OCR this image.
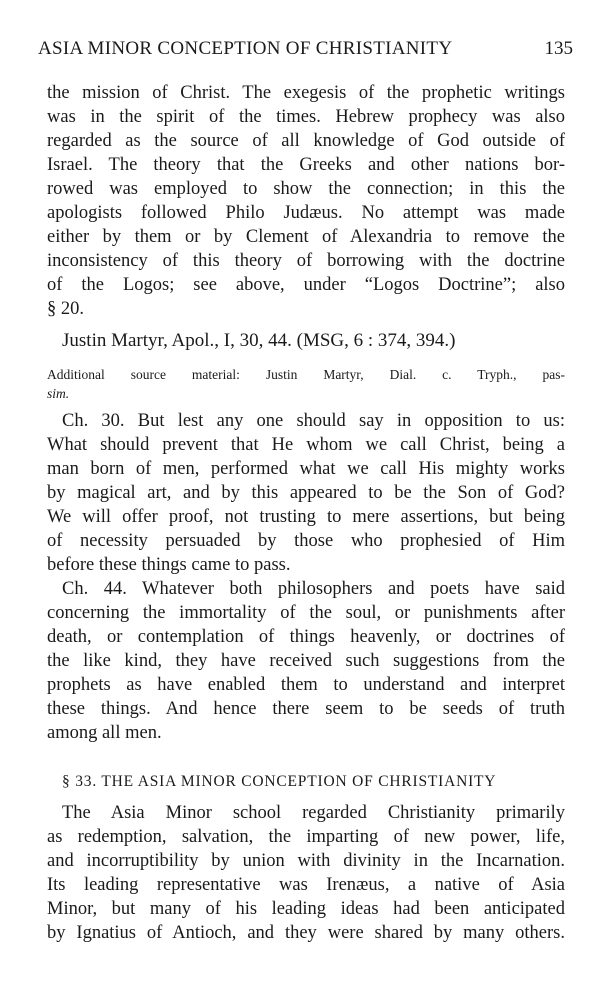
ASIA MINOR CONCEPTION OF CHRISTIANITY	135
the mission of Christ. The exegesis of the prophetic writings
was in the spirit of the times. Hebrew prophecy was also
regarded as the source of all knowledge of God outside of
Israel. The theory that the Greeks and other nations bor-
rowed was employed to show the connection; in this the
apologists followed Philo Judæus. No attempt was made
either by them or by Clement of Alexandria to remove the
inconsistency of this theory of borrowing with the doctrine
of the Logos; see above, under “Logos Doctrine”; also
§ 20.
Justin Martyr, Apol., I, 30, 44. (MSG, 6 : 374, 394.)
Additional source material: Justin Martyr, Dial. c. Tryph., pas-
sim.
Ch. 30. But lest any one should say in opposition to us:
What should prevent that He whom we call Christ, being a
man born of men, performed what we call His mighty works
by magical art, and by this appeared to be the Son of God?
We will offer proof, not trusting to mere assertions, but being
of necessity persuaded by those who prophesied of Him
before these things came to pass.
Ch. 44. Whatever both philosophers and poets have said
concerning the immortality of the soul, or punishments after
death, or contemplation of things heavenly, or doctrines of
the like kind, they have received such suggestions from the
prophets as have enabled them to understand and interpret
these things. And hence there seem to be seeds of truth
among all men.
§ 33. THE ASIA MINOR CONCEPTION OF CHRISTIANITY
The Asia Minor school regarded Christianity primarily
as redemption, salvation, the imparting of new power, life,
and incorruptibility by union with divinity in the Incarnation.
Its leading representative was Irenæus, a native of Asia
Minor, but many of his leading ideas had been anticipated
by Ignatius of Antioch, and they were shared by many others.
